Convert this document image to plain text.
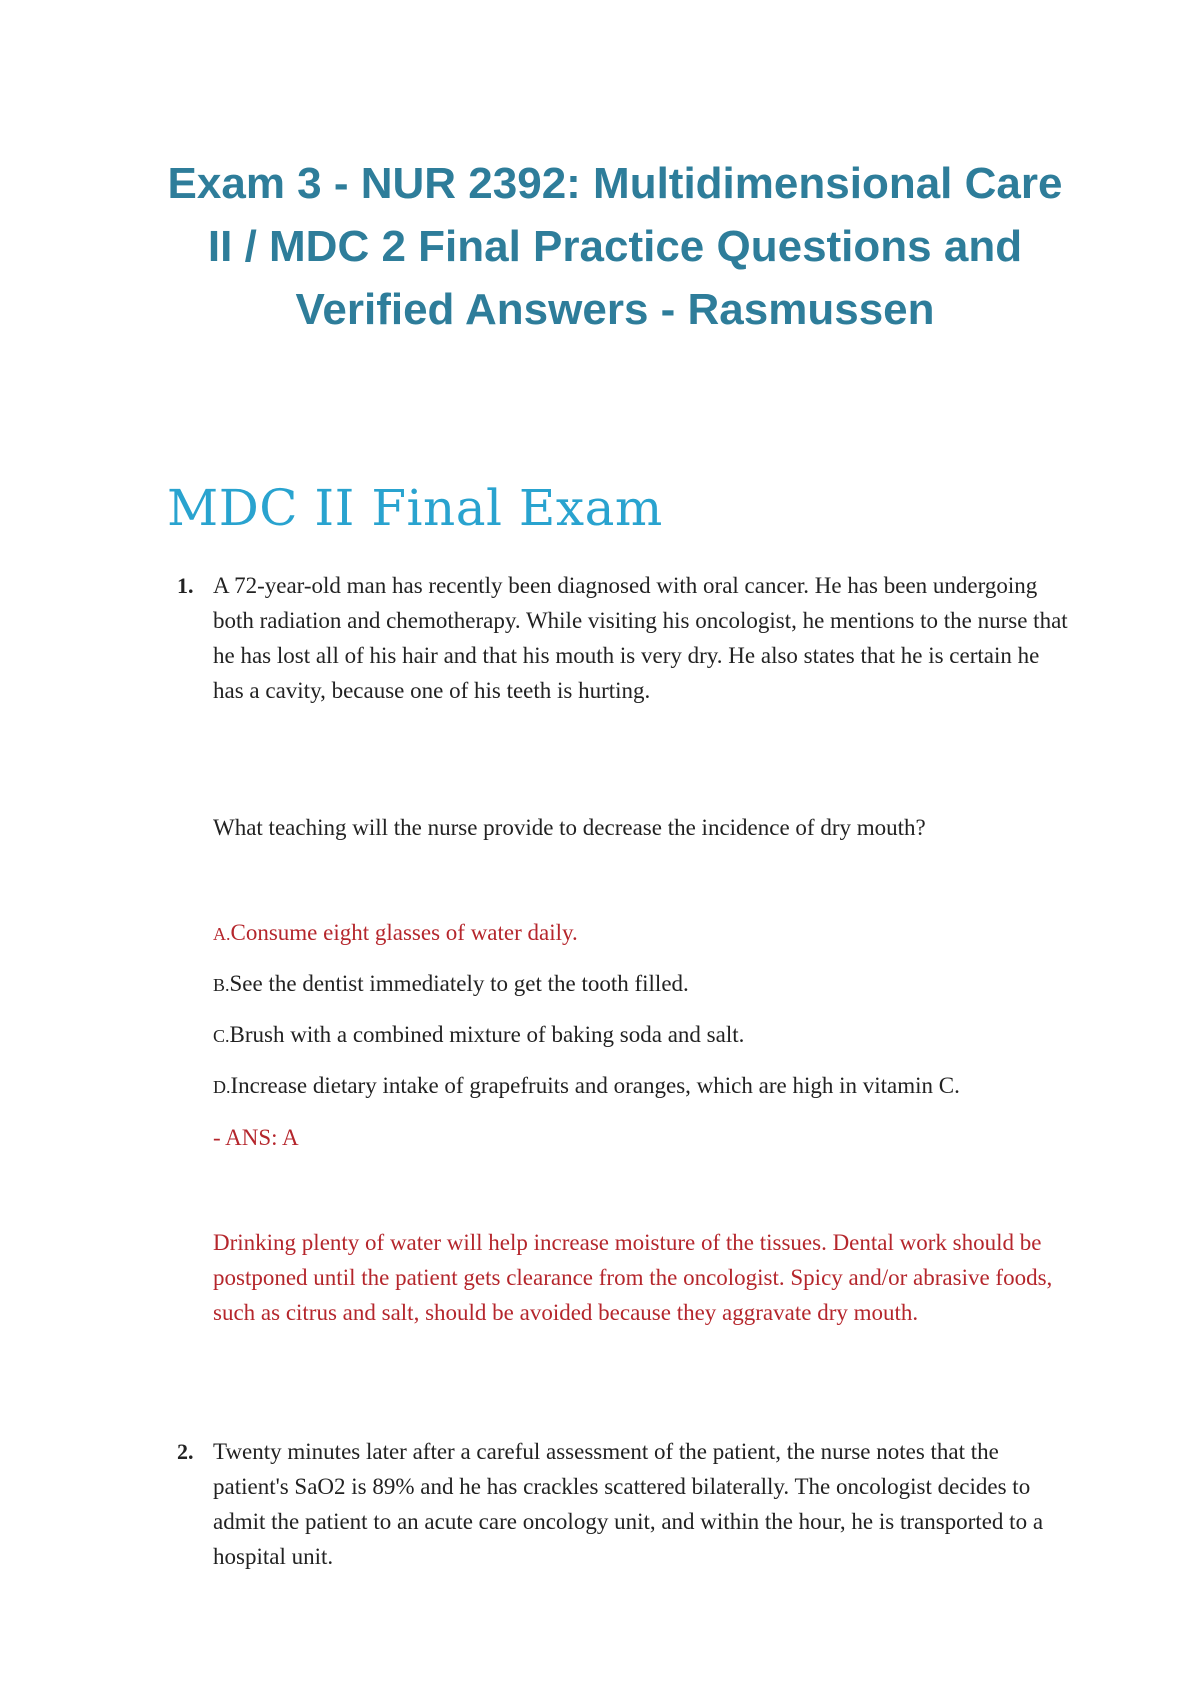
Exam 3 - NUR 2392: Multidimensional Care II / MDC 2 Final Practice Questions and Verified Answers - Rasmussen
MDC II Final Exam
1. A 72-year-old man has recently been diagnosed with oral cancer. He has been undergoing both radiation and chemotherapy. While visiting his oncologist, he mentions to the nurse that he has lost all of his hair and that his mouth is very dry. He also states that he is certain he has a cavity, because one of his teeth is hurting.

What teaching will the nurse provide to decrease the incidence of dry mouth?

A.Consume eight glasses of water daily.

B.See the dentist immediately to get the tooth filled.

C.Brush with a combined mixture of baking soda and salt.

D.Increase dietary intake of grapefruits and oranges, which are high in vitamin C.

- ANS: A

Drinking plenty of water will help increase moisture of the tissues. Dental work should be postponed until the patient gets clearance from the oncologist. Spicy and/or abrasive foods, such as citrus and salt, should be avoided because they aggravate dry mouth.

2. Twenty minutes later after a careful assessment of the patient, the nurse notes that the patient's SaO2 is 89% and he has crackles scattered bilaterally. The oncologist decides to admit the patient to an acute care oncology unit, and within the hour, he is transported to a hospital unit.
